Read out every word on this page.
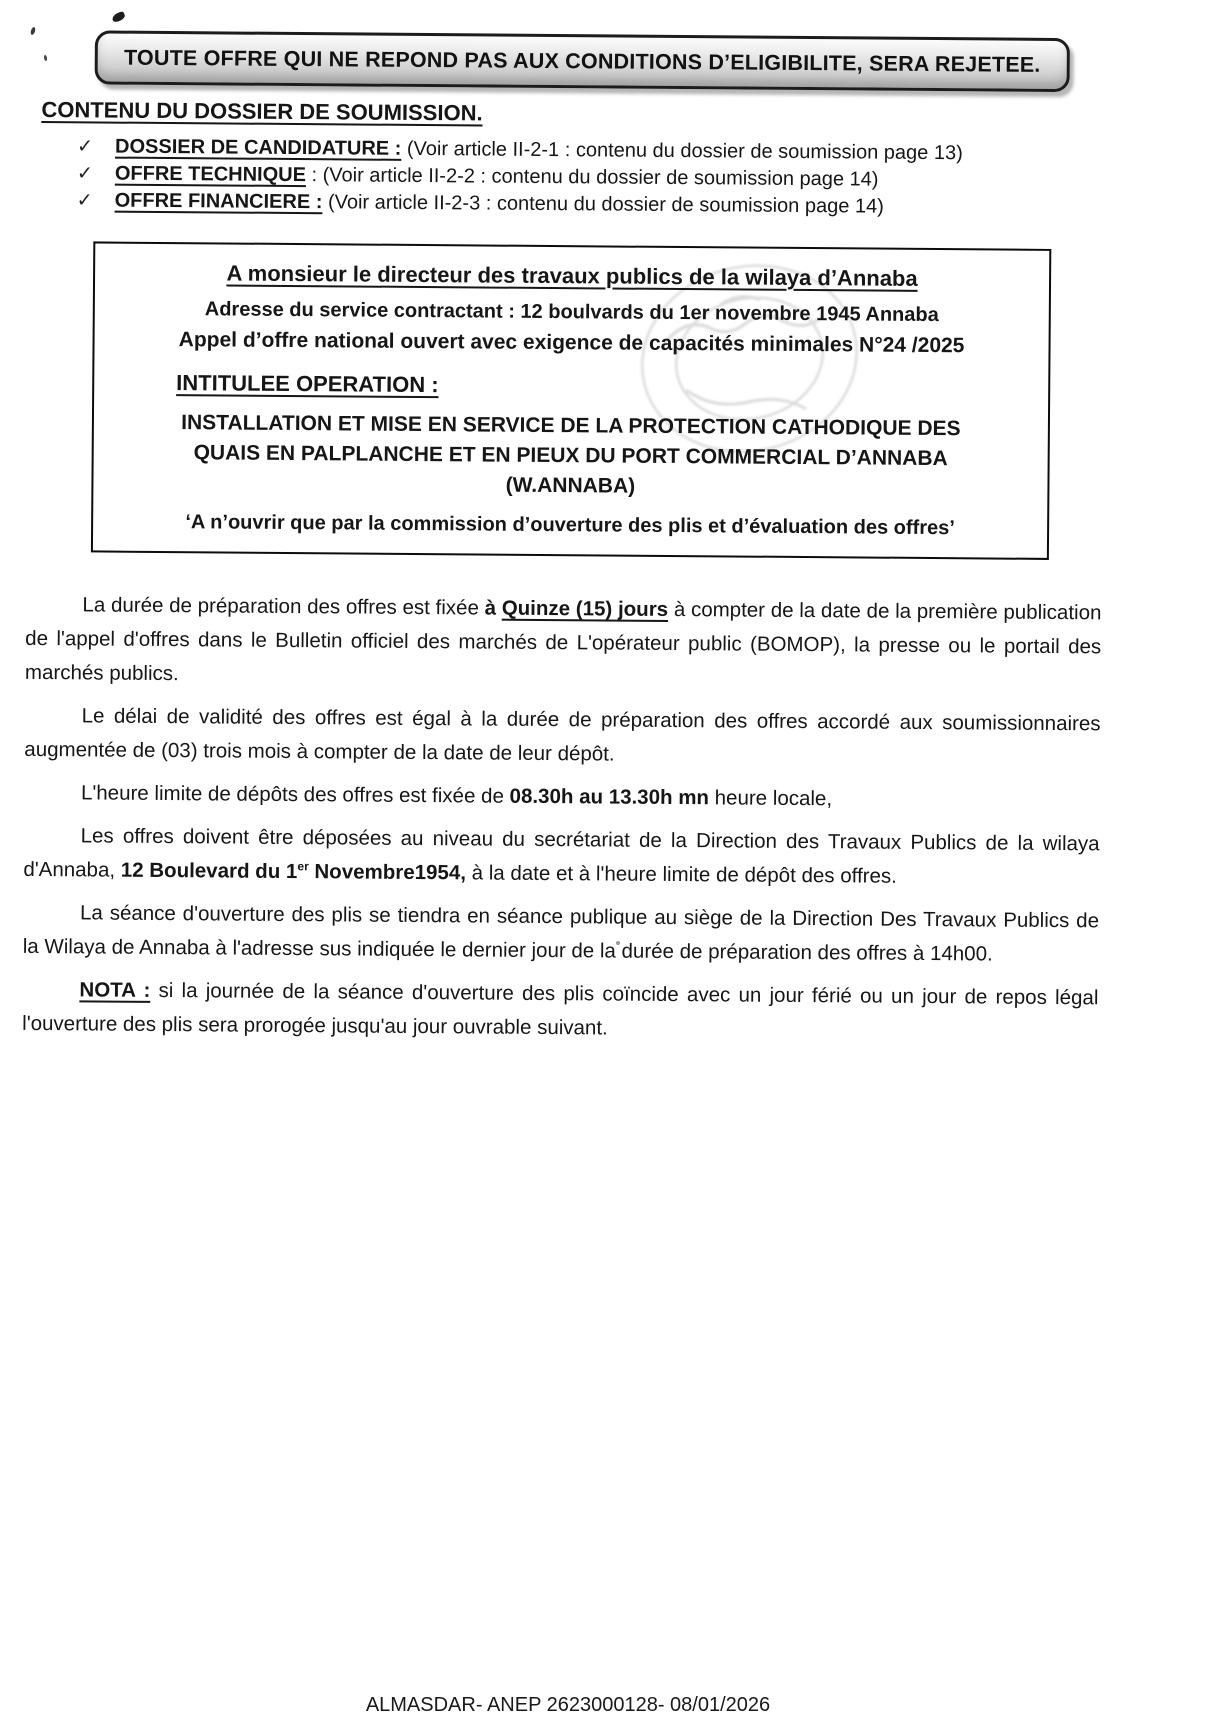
TOUTE OFFRE QUI NE REPOND PAS AUX CONDITIONS D’ELIGIBILITE, SERA REJETEE.
CONTENU DU DOSSIER DE SOUMISSION.
✓	DOSSIER DE CANDIDATURE : (Voir article II-2-1 : contenu du dossier de soumission page 13)
✓	OFFRE TECHNIQUE : (Voir article II-2-2 : contenu du dossier de soumission page 14)
✓	OFFRE FINANCIERE : (Voir article II-2-3 : contenu du dossier de soumission page 14)
A monsieur le directeur des travaux publics de la wilaya d’Annaba
Adresse du service contractant : 12 boulvards du 1er novembre 1945 Annaba
Appel d’offre national ouvert avec exigence de capacités minimales N°24 /2025
INTITULEE OPERATION :
INSTALLATION ET MISE EN SERVICE DE LA PROTECTION CATHODIQUE DES QUAIS EN PALPLANCHE ET EN PIEUX DU PORT COMMERCIAL D’ANNABA
(W.ANNABA)
‘A n’ouvrir que par la commission d’ouverture des plis et d’évaluation des offres’

La durée de préparation des offres est fixée à Quinze (15) jours à compter de la date de la première publication de l'appel d'offres dans le Bulletin officiel des marchés de L'opérateur public (BOMOP), la presse ou le portail des marchés publics.

Le délai de validité des offres est égal à la durée de préparation des offres accordé aux soumissionnaires augmentée de (03) trois mois à compter de la date de leur dépôt.

L'heure limite de dépôts des offres est fixée de 08.30h au 13.30h mn heure locale,

Les offres doivent être déposées au niveau du secrétariat de la Direction des Travaux Publics de la wilaya d'Annaba, 12 Boulevard du 1er Novembre1954, à la date et à l'heure limite de dépôt des offres.

La séance d'ouverture des plis se tiendra en séance publique au siège de la Direction Des Travaux Publics de la Wilaya de Annaba à l'adresse sus indiquée le dernier jour de la durée de préparation des offres à 14h00.

NOTA : si la journée de la séance d'ouverture des plis coïncide avec un jour férié ou un jour de repos légal l'ouverture des plis sera prorogée jusqu'au jour ouvrable suivant.

ALMASDAR- ANEP 2623000128- 08/01/2026
